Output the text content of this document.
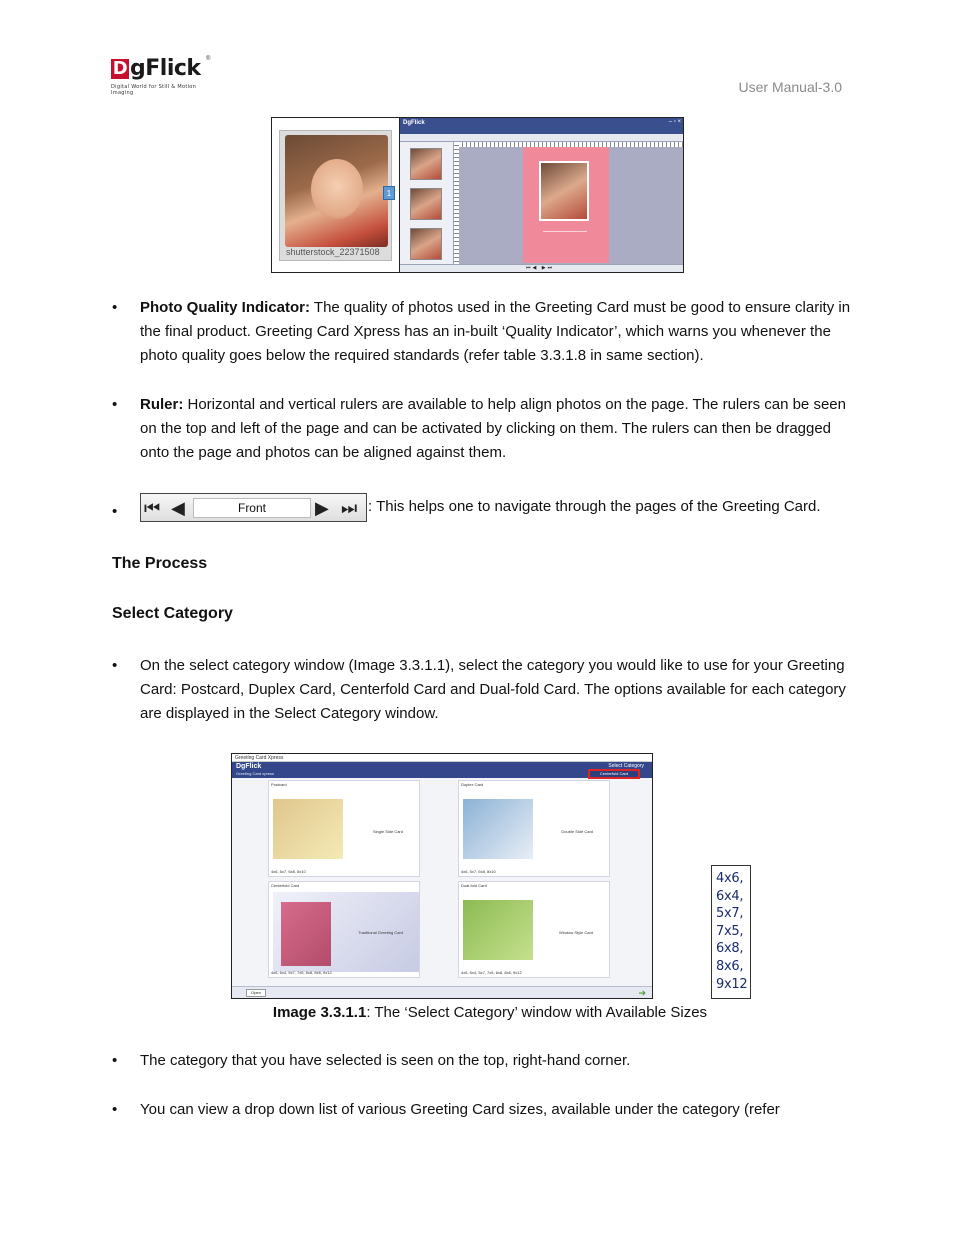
D gFlick
Digital World for Still & Motion Imaging
®
User Manual-3.0
shutterstock_22371508
1
DgFlick	– ▫ ×
⏮◀ ▶⏭
• Photo Quality Indicator: The quality of photos used in the Greeting Card must be good to ensure clarity in the final product. Greeting Card Xpress has an in-built ‘Quality Indicator’, which warns you whenever the photo quality goes below the required standards (refer table 3.3.1.8 in same section).
• Ruler: Horizontal and vertical rulers are available to help align photos on the page. The rulers can be seen on the top and left of the page and can be activated by clicking on them. The rulers can then be dragged onto the page and photos can be aligned against them.
• ⏮ ◀	Front	▶ ⏭ : This helps one to navigate through the pages of the Greeting Card.
The Process
Select Category
• On the select category window (Image 3.3.1.1), select the category you would like to use for your Greeting Card: Postcard, Duplex Card, Centerfold Card and Dual-fold Card. The options available for each category are displayed in the Select Category window.
Greeting Card Xpress
DgFlick
Greeting Card xpress
Select Category
Centerfold Card
Postcard
Single Side Card
4x6, 5x7, 6x8, 8x10
Duplex Card
Double Side Card
4x6, 5x7, 6x8, 8x10
Centerfold Card
Traditional Greeting Card
4x6, 6x4, 5x7, 7x5, 6x8, 8x6, 9x12
Dual-fold Card
Window Style Card
4x6, 6x4, 5x7, 7x5, 6x8, 8x6, 9x12
Open	➔
4x6,
6x4,
5x7,
7x5,
6x8,
8x6,
9x12
Image 3.3.1.1: The ‘Select Category’ window with Available Sizes
• The category that you have selected is seen on the top, right-hand corner.
• You can view a drop down list of various Greeting Card sizes, available under the category (refer
